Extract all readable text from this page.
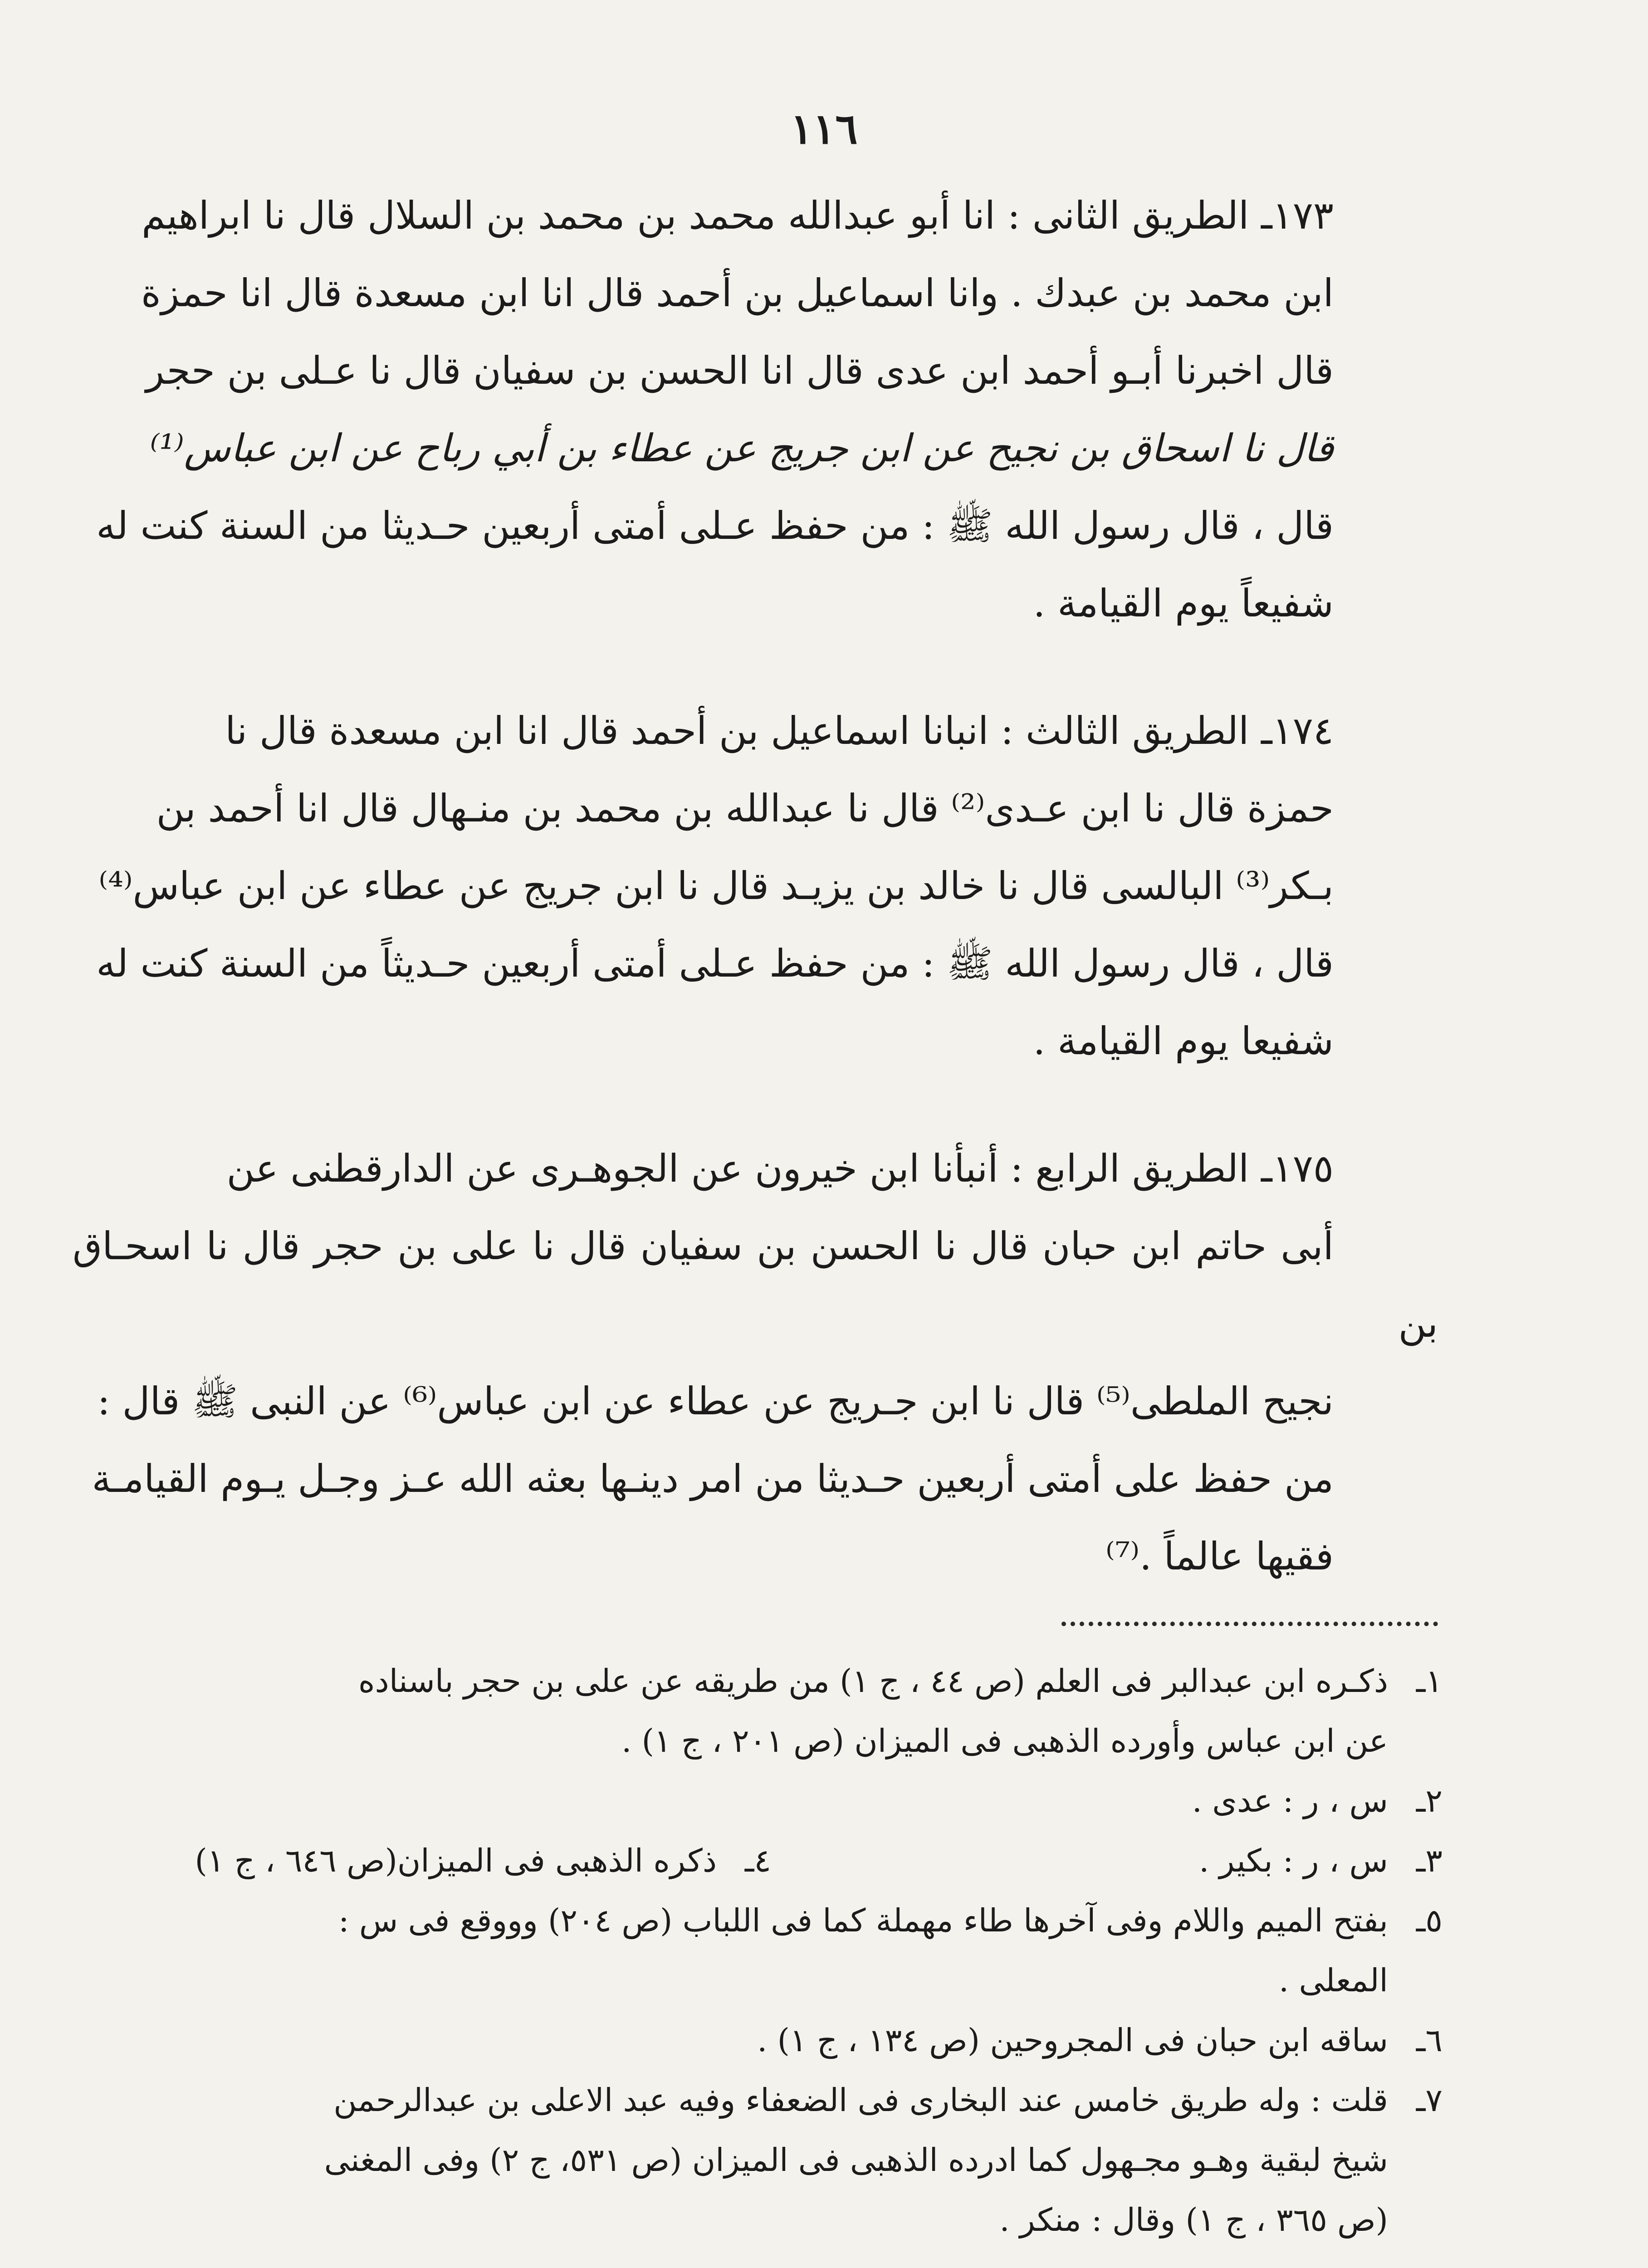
١١٦

١٧٣ـ الطريق الثانى : انا أبو عبدالله محمد بن محمد بن السلال قال نا ابراهيم
ابن محمد بن عبدك . وانا اسماعيل بن أحمد قال انا ابن مسعدة قال انا حمزة
قال اخبرنا أبـو أحمد ابن عدى قال انا الحسن بن سفيان قال نا عـلى بن حجر
قال نا اسحاق بن نجيح عن ابن جريج عن عطاء بن أبي رباح عن ابن عباس⁽¹⁾
قال ، قال رسول الله ﷺ : من حفظ عـلى أمتى أربعين حـديثا من السنة كنت له
شفيعاً يوم القيامة .

١٧٤ـ الطريق الثالث : انبانا اسماعيل بن أحمد قال انا ابن مسعدة قال نا
حمزة قال نا ابن عـدى⁽²⁾ قال نا عبدالله بن محمد بن منـهال قال انا أحمد بن
بـكر⁽³⁾ البالسى قال نا خالد بن يزيـد قال نا ابن جريج عن عطاء عن ابن عباس⁽⁴⁾
قال ، قال رسول الله ﷺ : من حفظ عـلى أمتى أربعين حـديثاً من السنة كنت له
شفيعا يوم القيامة .

١٧٥ـ الطريق الرابع : أنبأنا ابن خيرون عن الجوهـرى عن الدارقطنى عن
أبى حاتم ابن حبان قال نا الحسن بن سفيان قال نا على بن حجر قال نا اسحـاق بن
نجيح الملطى⁽⁵⁾ قال نا ابن جـريج عن عطاء عن ابن عباس⁽⁶⁾ عن النبى ﷺ قال :
من حفظ على أمتى أربعين حـديثا من امر دينـها بعثه الله عـز وجـل يـوم القيامـة
فقيها عالماً .⁽⁷⁾

١ـ
ذكـره ابن عبدالبر فى العلم (ص ٤٤ ، ج ١) من طريقه عن على بن حجر باسناده
عن ابن عباس وأورده الذهبى فى الميزان (ص ٢٠١ ، ج ١) .
٢ـ
س ، ر : عدى .
٣ـ
س ، ر : بكير .
٤ـ
ذكره الذهبى فى الميزان(ص ٦٤٦ ، ج ١)
٥ـ
بفتح الميم واللام وفى آخرها طاء مهملة كما فى اللباب (ص ٢٠٤) وووقع فى س :
المعلى .
٦ـ
ساقه ابن حبان فى المجروحين (ص ١٣٤ ، ج ١) .
٧ـ
قلت : وله طريق خامس عند البخارى فى الضعفاء وفيه عبد الاعلى بن عبدالرحمن
شيخ لبقية وهـو مجـهول كما ادرده الذهبى فى الميزان (ص ٥٣١، ج ٢) وفى المغنى
(ص ٣٦٥ ، ج ١) وقال : منكر .
